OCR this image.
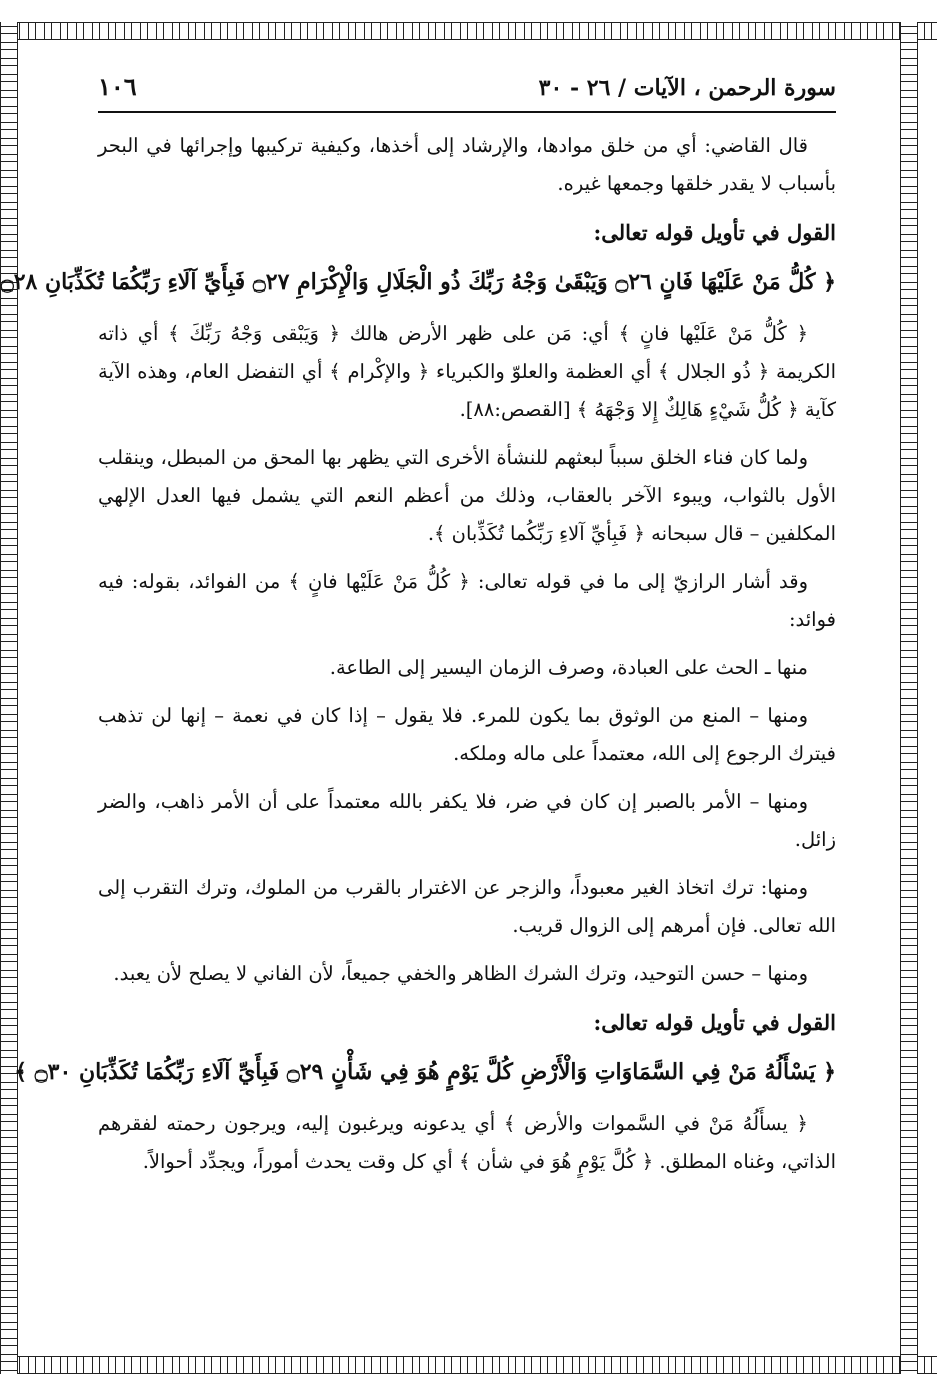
سورة الرحمن ، الآيات / ٢٦ - ٣٠
١٠٦

قال القاضي: أي من خلق موادها، والإرشاد إلى أخذها، وكيفية تركيبها وإجرائها في البحر بأسباب لا يقدر خلقها وجمعها غيره.

القول في تأويل قوله تعالى:
﴿ كُلُّ مَنْ عَلَيْهَا فَانٍ ۝٢٦ وَيَبْقَىٰ وَجْهُ رَبِّكَ ذُو الْجَلَالِ وَالْإِكْرَامِ ۝٢٧ فَبِأَيِّ آلَاءِ رَبِّكُمَا تُكَذِّبَانِ ۝٢٨

﴿ كُلُّ مَنْ عَلَيْها فانٍ ﴾ أي: مَن على ظهر الأرض هالك ﴿ وَيَبْقى وَجْهُ رَبِّكَ ﴾ أي ذاته الكريمة ﴿ ذُو الجلال ﴾ أي العظمة والعلوّ والكبرياء ﴿ والإكْرام ﴾ أي التفضل العام، وهذه الآية كآية ﴿ كُلُّ شَيْءٍ هَالِكٌ إِلا وَجْهَهُ ﴾ [القصص:٨٨].

ولما كان فناء الخلق سبباً لبعثهم للنشأة الأخرى التي يظهر بها المحق من المبطل، وينقلب الأول بالثواب، ويبوء الآخر بالعقاب، وذلك من أعظم النعم التي يشمل فيها العدل الإلهي المكلفين – قال سبحانه ﴿ فَبِأيِّ آلاءِ رَبِّكُما تُكَذِّبان ﴾.

وقد أشار الرازيّ إلى ما في قوله تعالى: ﴿ كُلُّ مَنْ عَلَيْها فانٍ ﴾ من الفوائد، بقوله: فيه فوائد:

منها ـ الحث على العبادة، وصرف الزمان اليسير إلى الطاعة.

ومنها – المنع من الوثوق بما يكون للمرء. فلا يقول – إذا كان في نعمة – إنها لن تذهب فيترك الرجوع إلى الله، معتمداً على ماله وملكه.

ومنها – الأمر بالصبر إن كان في ضر، فلا يكفر بالله معتمداً على أن الأمر ذاهب، والضر زائل.

ومنها: ترك اتخاذ الغير معبوداً، والزجر عن الاغترار بالقرب من الملوك، وترك التقرب إلى الله تعالى. فإن أمرهم إلى الزوال قريب.

ومنها – حسن التوحيد، وترك الشرك الظاهر والخفي جميعاً، لأن الفاني لا يصلح لأن يعبد.

القول في تأويل قوله تعالى:
﴿ يَسْأَلُهُ مَنْ فِي السَّمَاوَاتِ وَالْأَرْضِ كُلَّ يَوْمٍ هُوَ فِي شَأْنٍ ۝٢٩ فَبِأَيِّ آلَاءِ رَبِّكُمَا تُكَذِّبَانِ ۝٣٠ ﴾

﴿ يسأَلُهُ مَنْ في السَّموات والأرض ﴾ أي يدعونه ويرغبون إليه، ويرجون رحمته لفقرهم الذاتي، وغناه المطلق. ﴿ كُلَّ يَوْمٍ هُوَ في شأن ﴾ أي كل وقت يحدث أموراً، ويجدِّد أحوالاً.
